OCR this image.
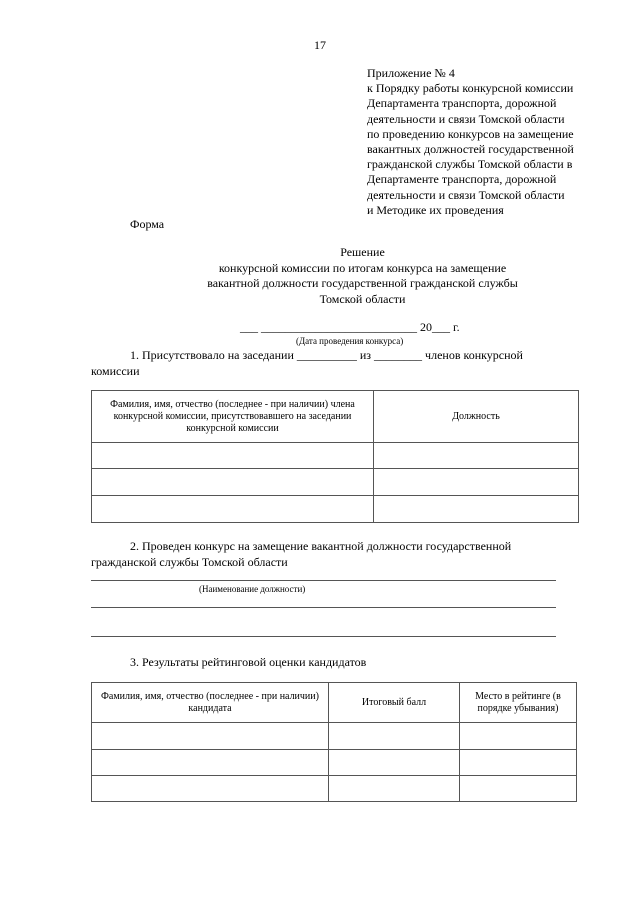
17
Приложение № 4
к Порядку работы конкурсной комиссии
Департамента транспорта, дорожной
деятельности и связи Томской области
по проведению конкурсов на замещение
вакантных должностей государственной
гражданской службы Томской области в
Департаменте транспорта, дорожной
деятельности и связи Томской области
и Методике их проведения
Форма
Решение
конкурсной комиссии по итогам конкурса на замещение
вакантной должности государственной гражданской службы
Томской области
___ __________________________ 20___ г.
(Дата проведения конкурса)
1. Присутствовало на заседании __________ из ________ членов конкурсной
комиссии
Фамилия, имя, отчество (последнее - при наличии) члена конкурсной комиссии, присутствовавшего на заседании конкурсной комиссии	Должность

2. Проведен конкурс на замещение вакантной должности государственной
гражданской службы Томской области
(Наименование должности)
3. Результаты рейтинговой оценки кандидатов
Фамилия, имя, отчество (последнее - при наличии) кандидата	Итоговый балл	Место в рейтинге (в порядке убывания)
